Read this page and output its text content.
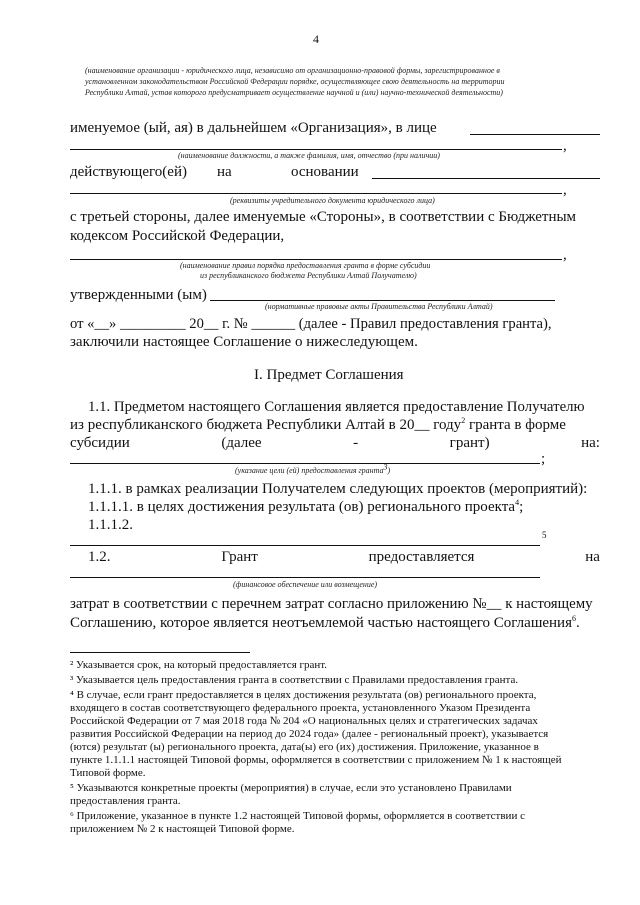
4
(наименование организации - юридического лица, независимо от организационно-правовой формы, зарегистрированное в
установленном законодательством Российской Федерации порядке, осуществляющее свою деятельность на территории
Республики Алтай, устав которого предусматривает осуществление научной и (или) научно-технической деятельности)
именуемое (ый, ая) в дальнейшем «Организация», в лице
,
(наименование должности, а также фамилия, имя, отчество (при наличии)
действующего(ей) на	основании
,
(реквизиты учредительного документа юридического лица)
с третьей стороны, далее именуемые «Стороны», в соответствии с Бюджетным
кодексом Российской Федерации,
,
(наименование правил порядка предоставления гранта в форме субсидии
из республиканского бюджета Республики Алтай Получателю)
утвержденными (ым)
(нормативные правовые акты Правительства Республики Алтай)
от «__» _________ 20__ г. № ______ (далее - Правил предоставления гранта),
заключили настоящее Соглашение о нижеследующем.
I. Предмет Соглашения
1.1. Предметом настоящего Соглашения является предоставление Получателю
из республиканского бюджета Республики Алтай в 20__ году$^2$ гранта в форме
субсидии	(далее	-	грант)	на:
;
(указание цели (ей) предоставления гранта$^3$)
1.1.1. в рамках реализации Получателем следующих проектов (мероприятий):
1.1.1.1. в целях достижения результата (ов) регионального проекта$^4$;
1.1.1.2.
5
1.2.	Грант	предоставляется	на
(финансовое обеспечение или возмещение)
затрат в соответствии с перечнем затрат согласно приложению №__ к настоящему
Соглашению, которое является неотъемлемой частью настоящего Соглашения$^6$.
² Указывается срок, на который предоставляется грант.
³ Указывается цель предоставления гранта в соответствии с Правилами предоставления гранта.
⁴ В случае, если грант предоставляется в целях достижения результата (ов) регионального проекта,
входящего в состав соответствующего федерального проекта, установленного Указом Президента
Российской Федерации от 7 мая 2018 года № 204 «О национальных целях и стратегических задачах
развития Российской Федерации на период до 2024 года» (далее - региональный проект), указывается
(ются) результат (ы) регионального проекта, дата(ы) его (их) достижения. Приложение, указанное в
пункте 1.1.1.1 настоящей Типовой формы, оформляется в соответствии с приложением № 1 к настоящей
Типовой форме.
⁵ Указываются конкретные проекты (мероприятия) в случае, если это установлено Правилами
предоставления гранта.
⁶ Приложение, указанное в пункте 1.2 настоящей Типовой формы, оформляется в соответствии с
приложением № 2 к настоящей Типовой форме.
